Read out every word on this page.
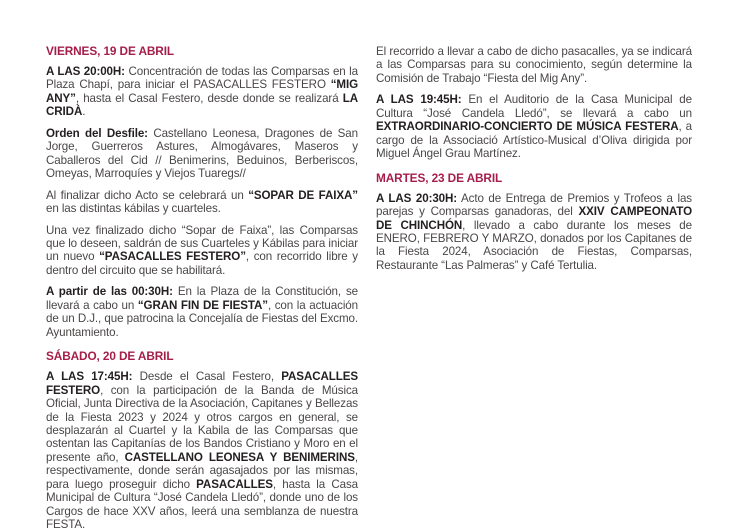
VIERNES, 19 DE ABRIL

A LAS 20:00H: Concentración de todas las Comparsas en la Plaza Chapí, para iniciar el PASACALLES FESTERO “MIG ANY”, hasta el Casal Festero, desde donde se realizará LA CRIDÀ.

Orden del Desfile: Castellano Leonesa, Dragones de San Jorge, Guerreros Astures, Almogávares, Maseros y Caballeros del Cid // Benimerins, Beduinos, Berberiscos, Omeyas, Marroquíes y Viejos Tuaregs//

Al finalizar dicho Acto se celebrará un “SOPAR DE FAIXA” en las distintas kábilas y cuarteles.

Una vez finalizado dicho “Sopar de Faixa”, las Comparsas que lo deseen, saldrán de sus Cuarteles y Kábilas para iniciar un nuevo “PASACALLES FESTERO”, con recorrido libre y dentro del circuito que se habilitará.

A partir de las 00:30H: En la Plaza de la Constitución, se llevará a cabo un “GRAN FIN DE FIESTA”, con la actuación de un D.J., que patrocina la Concejalía de Fiestas del Excmo. Ayuntamiento.

SÁBADO, 20 DE ABRIL

A LAS 17:45H: Desde el Casal Festero, PASACALLES FESTERO, con la participación de la Banda de Música Oficial, Junta Directiva de la Asociación, Capitanes y Bellezas de la Fiesta 2023 y 2024 y otros cargos en general, se desplazarán al Cuartel y la Kabila de las Comparsas que ostentan las Capitanías de los Bandos Cristiano y Moro en el presente año, CASTELLANO LEONESA Y BENIMERINS, respectivamente, donde serán agasajados por las mismas, para luego proseguir dicho PASACALLES, hasta la Casa Municipal de Cultura “José Candela Lledó”, donde uno de los Cargos de hace XXV años, leerá una semblanza de nuestra FESTA.

El recorrido a llevar a cabo de dicho pasacalles, ya se indicará a las Comparsas para su conocimiento, según determine la Comisión de Trabajo “Fiesta del Mig Any”.

A LAS 19:45H: En el Auditorio de la Casa Municipal de Cultura “José Candela Lledó”, se llevará a cabo un EXTRAORDINARIO-CONCIERTO DE MÚSICA FESTERA, a cargo de la Associació Artístico-Musical d’Oliva dirigida por Miguel Ángel Grau Martínez.

MARTES, 23 DE ABRIL

A LAS 20:30H: Acto de Entrega de Premios y Trofeos a las parejas y Comparsas ganadoras, del XXIV CAMPEONATO DE CHINCHÓN, llevado a cabo durante los meses de ENERO, FEBRERO Y MARZO, donados por los Capitanes de la Fiesta 2024, Asociación de Fiestas, Comparsas, Restaurante “Las Palmeras” y Café Tertulia.
